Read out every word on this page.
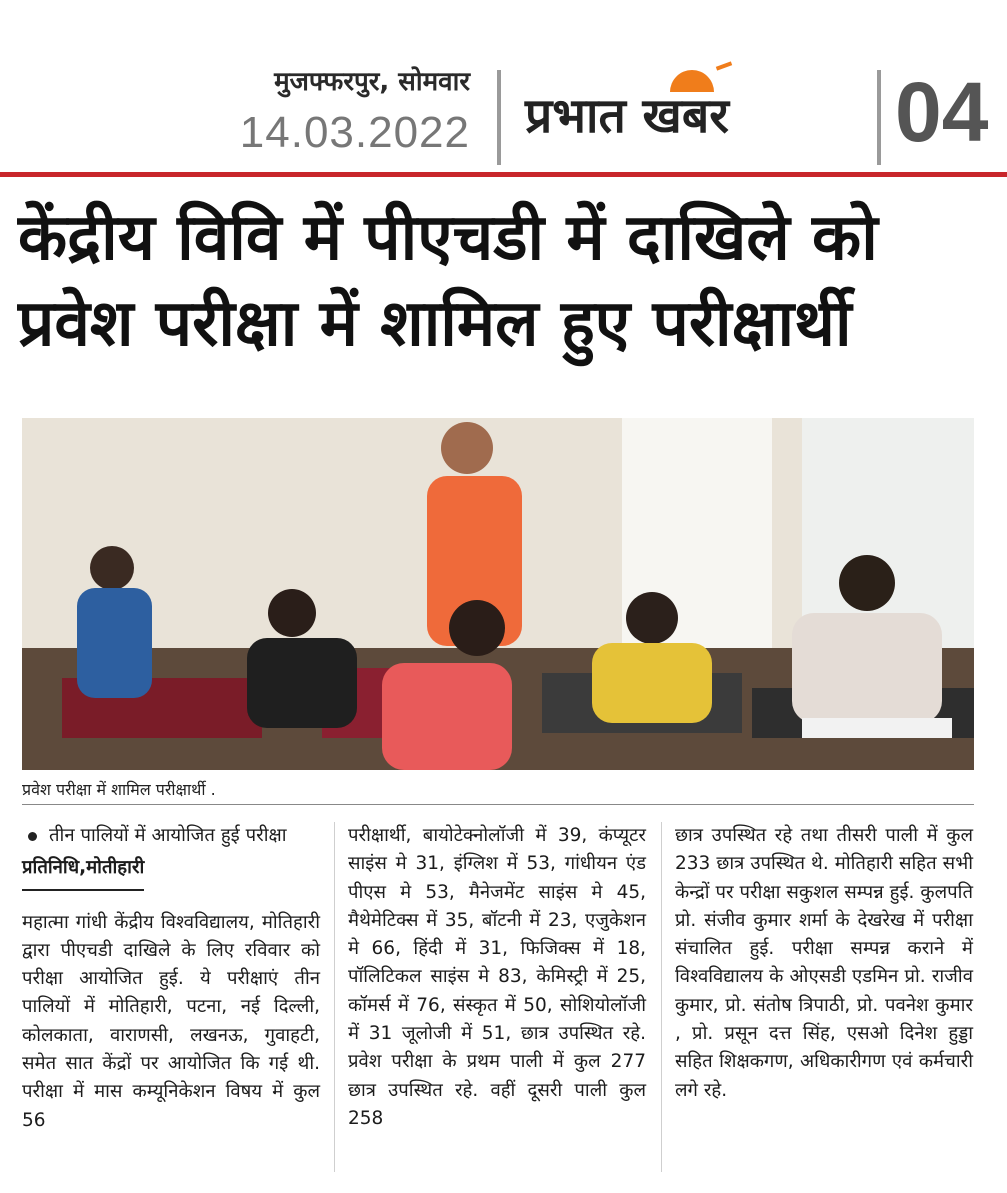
मुजफ्फरपुर, सोमवार
14.03.2022 प्रभात खबर	04
केंद्रीय विवि में पीएचडी में दाखिले को प्रवेश परीक्षा में शामिल हुए परीक्षार्थी
प्रवेश परीक्षा में शामिल परीक्षार्थी .
तीन पालियों में आयोजित हुई परीक्षा
प्रतिनिधि,मोतीहारी
महात्मा गांधी केंद्रीय विश्वविद्यालय, मोतिहारी द्वारा पीएचडी दाखिले के लिए रविवार को परीक्षा आयोजित हुई. ये परीक्षाएं तीन पालियों में मोतिहारी, पटना, नई दिल्ली, कोलकाता, वाराणसी, लखनऊ, गुवाहटी, समेत सात केंद्रों पर आयोजित कि गई थी. परीक्षा में मास कम्यूनिकेशन विषय में कुल 56
परीक्षार्थी, बायोटेक्नोलॉजी में 39, कंप्यूटर साइंस मे 31, इंग्लिश में 53, गांधीयन एंड पीएस मे 53, मैनेजमेंट साइंस मे 45, मैथेमेटिक्स में 35, बॉटनी में 23, एजुकेशन मे 66, हिंदी में 31, फिजिक्स में 18, पॉलिटिकल साइंस मे 83, केमिस्ट्री में 25, कॉमर्स में 76, संस्कृत में 50, सोशियोलॉजी में 31 जूलोजी में 51, छात्र उपस्थित रहे. प्रवेश परीक्षा के प्रथम पाली में कुल 277 छात्र उपस्थित रहे. वहीं दूसरी पाली कुल 258
छात्र उपस्थित रहे तथा तीसरी पाली में कुल 233 छात्र उपस्थित थे. मोतिहारी सहित सभी केन्द्रों पर परीक्षा सकुशल सम्पन्न हुई. कुलपति प्रो. संजीव कुमार शर्मा के देखरेख में परीक्षा संचालित हुई. परीक्षा सम्पन्न कराने में विश्वविद्यालय के ओएसडी एडमिन प्रो. राजीव कुमार, प्रो. संतोष त्रिपाठी, प्रो. पवनेश कुमार , प्रो. प्रसून दत्त सिंह, एसओ दिनेश हुड्डा सहित शिक्षकगण, अधिकारीगण एवं कर्मचारी लगे रहे.
